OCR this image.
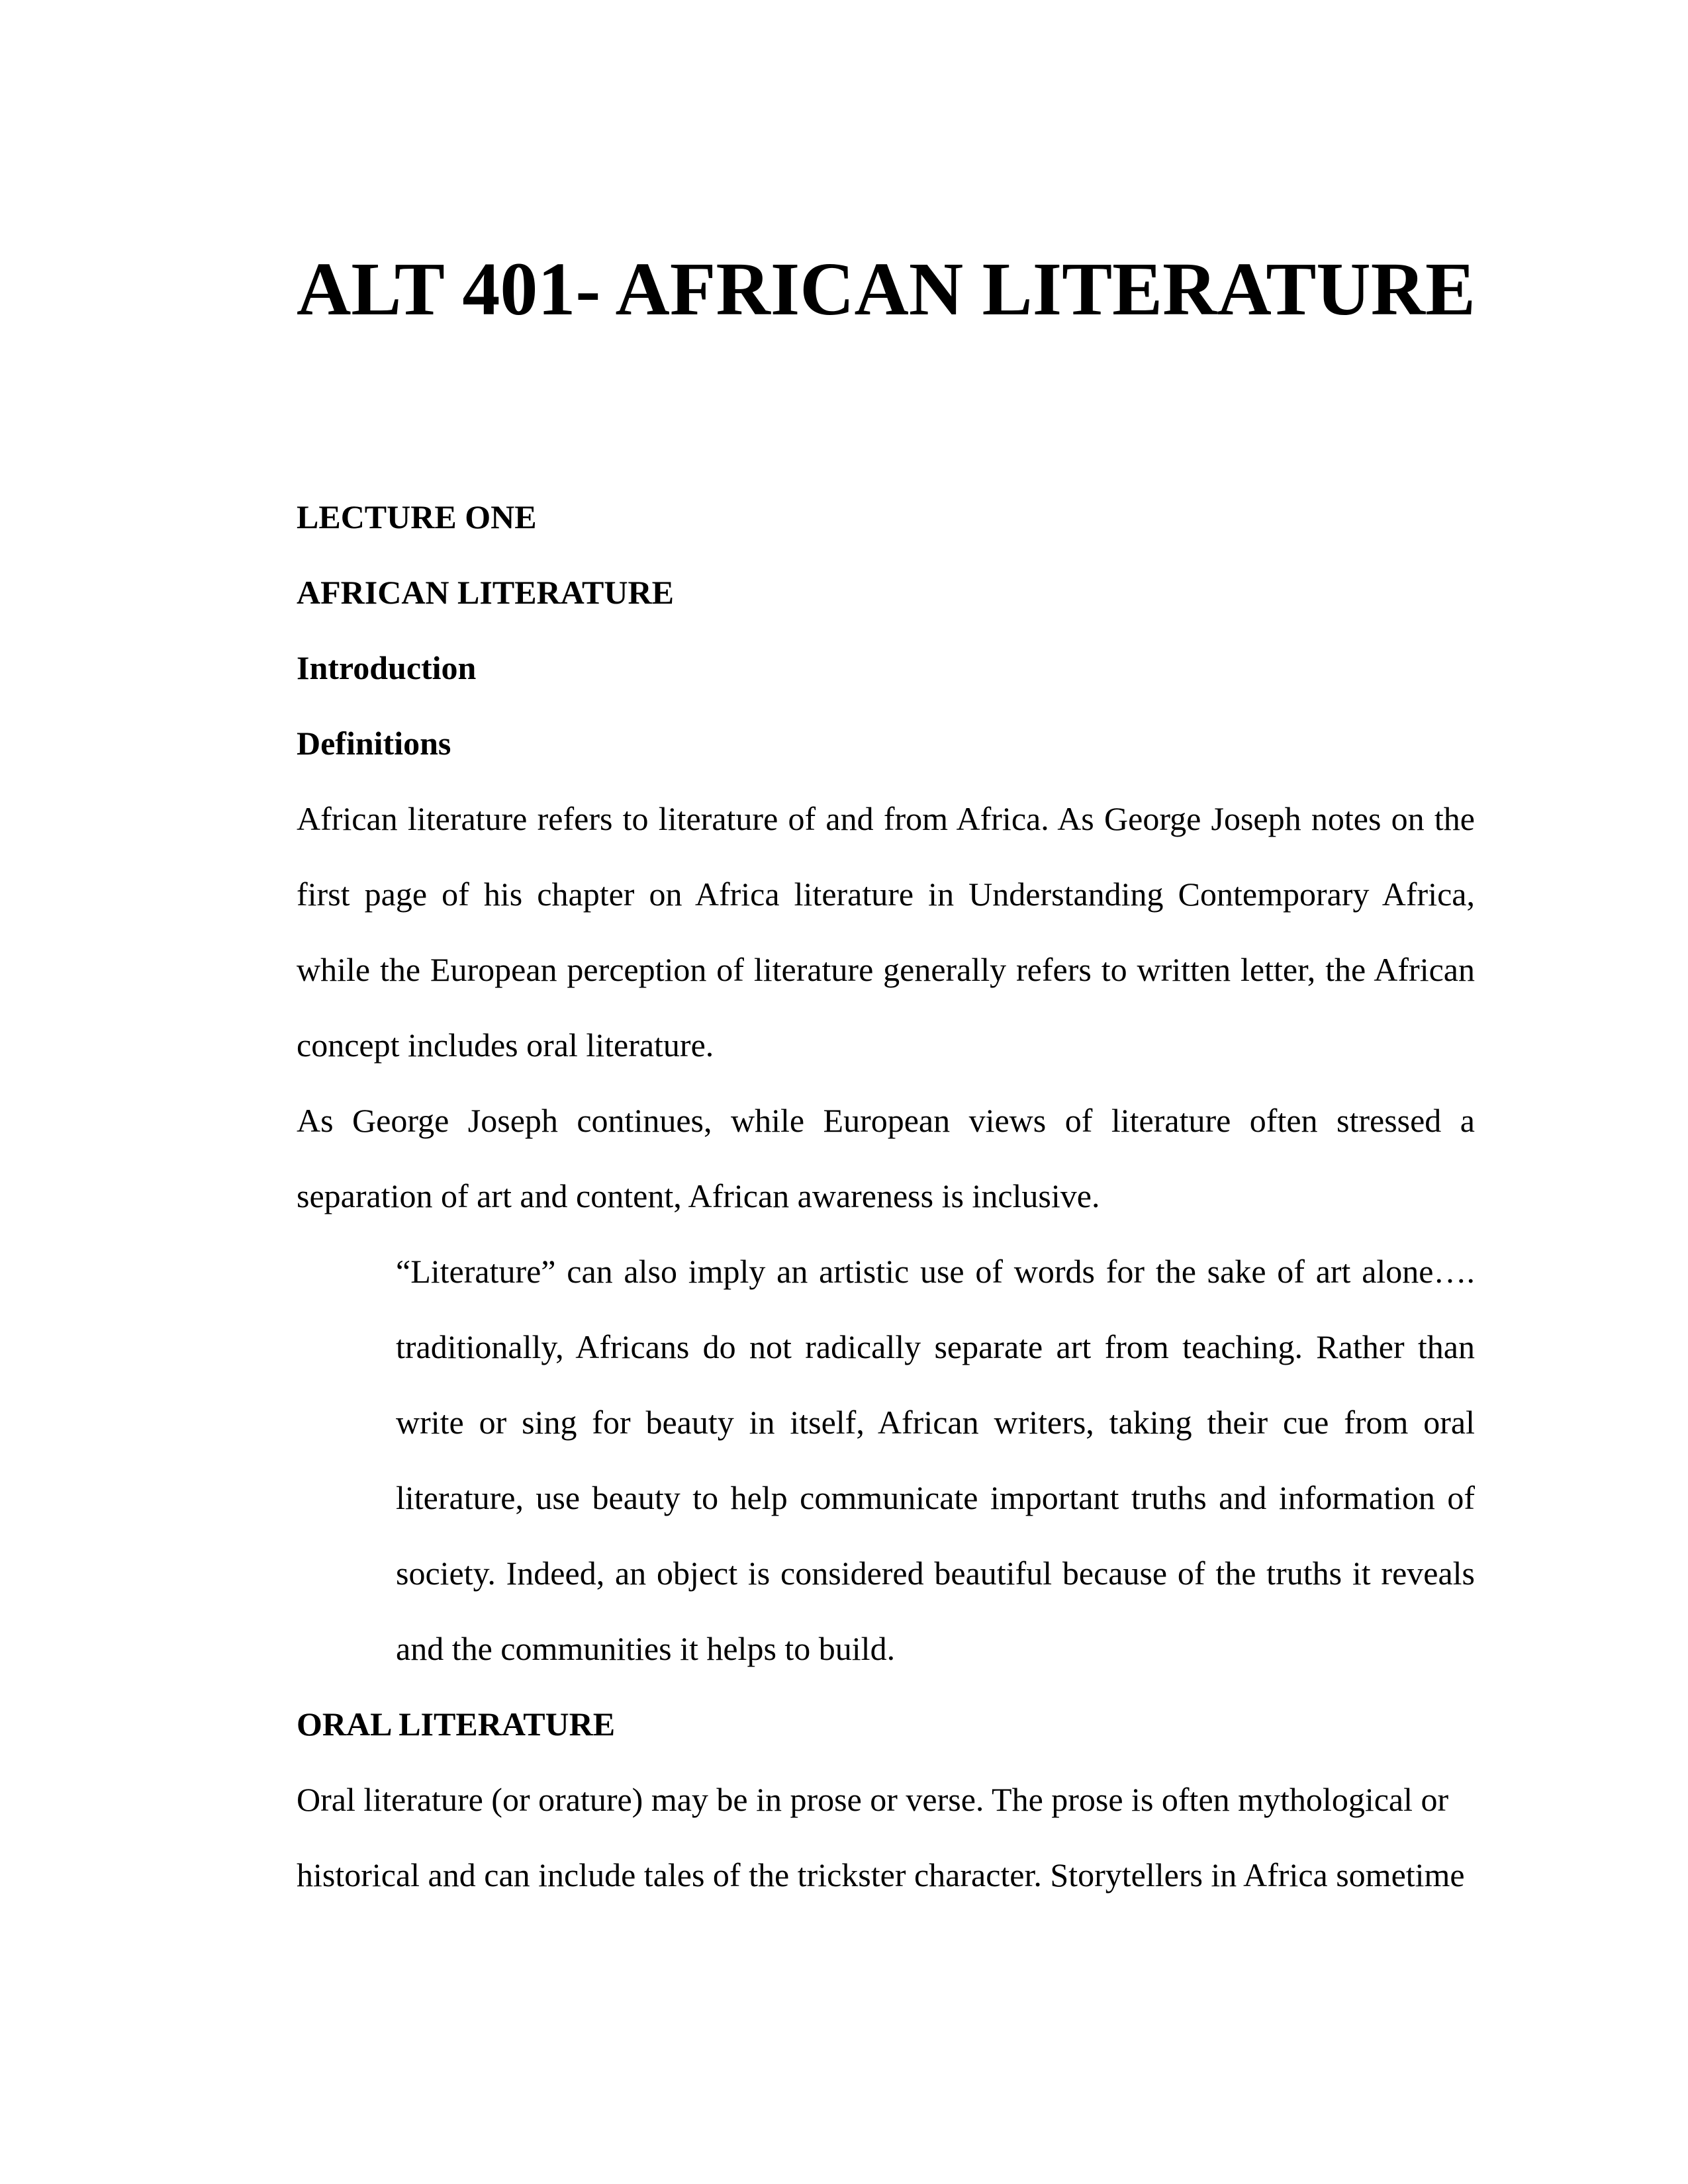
ALT 401- AFRICAN LITERATURE

LECTURE ONE

AFRICAN LITERATURE

Introduction

Definitions

African literature refers to literature of and from Africa. As George Joseph notes on the first page of his chapter on Africa literature in Understanding Contemporary Africa, while the European perception of literature generally refers to written letter, the African concept includes oral literature.

As George Joseph continues, while European views of literature often stressed a separation of art and content, African awareness is inclusive.

“Literature” can also imply an artistic use of words for the sake of art alone…. traditionally, Africans do not radically separate art from teaching. Rather than write or sing for beauty in itself, African writers, taking their cue from oral literature, use beauty to help communicate important truths and information of society. Indeed, an object is considered beautiful because of the truths it reveals and the communities it helps to build.

ORAL LITERATURE

Oral literature (or orature) may be in prose or verse. The prose is often mythological or
historical and can include tales of the trickster character. Storytellers in Africa sometime
